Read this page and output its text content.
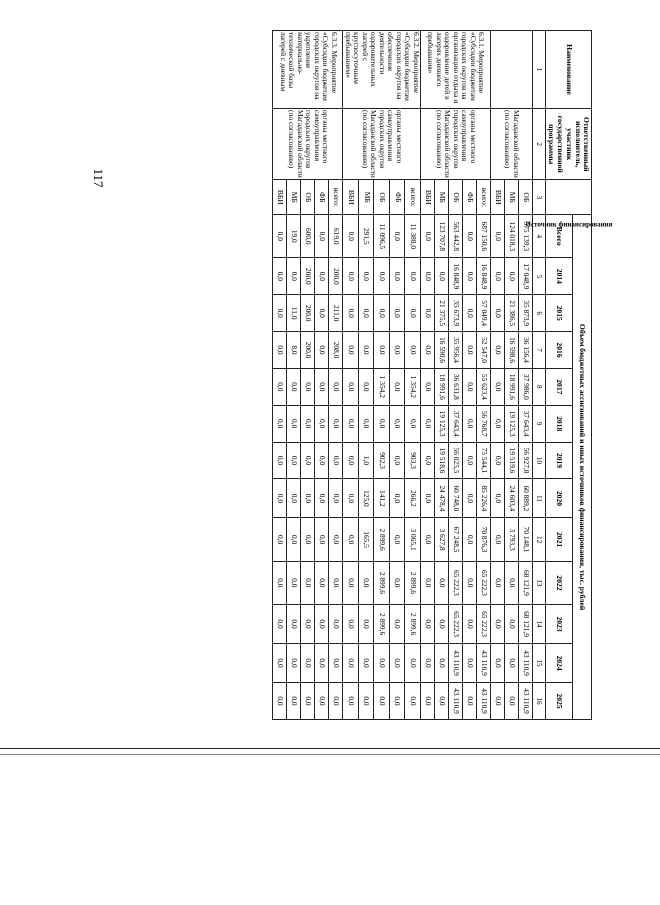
117
Наименование	Ответственный исполнитель, участник государственной программы	Источник финансирования	Объем бюджетных ассигнований и иных источников финансирования, тыс. рублей												
			Всего	2014	2015	2016	2017	2018	2019	2020	2021	2022	2023	2024	2025
1	2	3	4	5	6	7	8	9	10	11	12	13	14	15	16
	Магаданской области (по согласованию)	ОБ	575 139,3	17 048,9	35 873,9	36 156,4	37 986,0	37 643,4	56 927,8	60 889,2	70 148,1	68 121,9	68 121,9	43 110,9	43 110,9
		МБ	124 018,3	0,0	21 386,5	16 598,6	18 991,6	19 125,3	19 519,6	24 603,4	3 793,3	0,0	0,0	0,0	0,0
		ВБИ	0,0	0,0	0,0	0,0	0,0	0,0	0,0	0,0	0,0	0,0	0,0	0,0	0,0
6.3.1. Мероприятие «Субсидии бюджетам городских округов на организацию отдыха и оздоровление детей в лагерях дневного пребывания»	органы местного самоуправления городских округов Магаданской области (по согласованию)	всего:	687 150,6	16 848,9	57 049,4	52 547,0	55 623,4	56 768,7	75 544,1	85 226,4	70 876,3	65 222,3	65 222,3	43 110,9	43 110,9
		ФБ	0,0	0,0	0,0	0,0	0,0	0,0	0,0	0,0	0,0	0,0	0,0	0,0	0,0
		ОБ	563 442,8	16 848,9	35 673,9	35 956,4	36 631,8	37 643,4	56 025,5	60 748,0	67 248,5	65 222,3	65 222,3	43 110,9	43 110,9
		МБ	123 707,8	0,0	21 375,5	16 590,6	18 991,6	19 125,3	19 518,6	24 478,4	3 627,8	0,0	0,0	0,0	0,0
		ВБИ	0,0	0,0	0,0	0,0	0,0	0,0	0,0	0,0	0,0	0,0	0,0	0,0	0,0
6.3.2. Мероприятие «Субсидии бюджетам городских округов на обеспечение деятельности оздоровительных лагерей с круглосуточным пребыванием»	органы местного самоуправления городских округов Магаданской области (по согласованию)	всего:	11 388,0	0,0	0,0	0,0	1 354,2	0,0	903,3	266,2	3 065,1	2 899,6	2 899,6	0,0	0,0
		ФБ	0,0	0,0	0,0	0,0	0,0	0,0	0,0	0,0	0,0	0,0	0,0	0,0	0,0
		ОБ	11 096,5	0,0	0,0	0,0	1 354,2	0,0	902,3	141,2	2 899,6	2 899,6	2 899,6	0,0	0,0
		МБ	291,5	0,0	0,0	0,0	0,0	0,0	1,0	125,0	165,5	0,0	0,0	0,0	0,0
		ВБИ	0,0	0,0	0,0	0,0	0,0	0,0	0,0	0,0	0,0	0,0	0,0	0,0	0,0
6.3.3. Мероприятие «Субсидии бюджетам городских округов на укрепление материально-технической базы лагерей с дневным	органы местного самоуправления городских округов Магаданской области (по согласованию)	всего:	619,0	200,0	211,0	208,0	0,0	0,0	0,0	0,0	0,0	0,0	0,0	0,0	0,0
		ФБ	0,0	0,0	0,0	0,0	0,0	0,0	0,0	0,0	0,0	0,0	0,0	0,0	0,0
		ОБ	600,0	200,0	200,0	200,0	0,0	0,0	0,0	0,0	0,0	0,0	0,0	0,0	0,0
		МБ	19,0	0,0	11,0	8,0	0,0	0,0	0,0	0,0	0,0	0,0	0,0	0,0	0,0
		ВБИ	0,0	0,0	0,0	0,0	0,0	0,0	0,0	0,0	0,0	0,0	0,0	0,0	0,0
